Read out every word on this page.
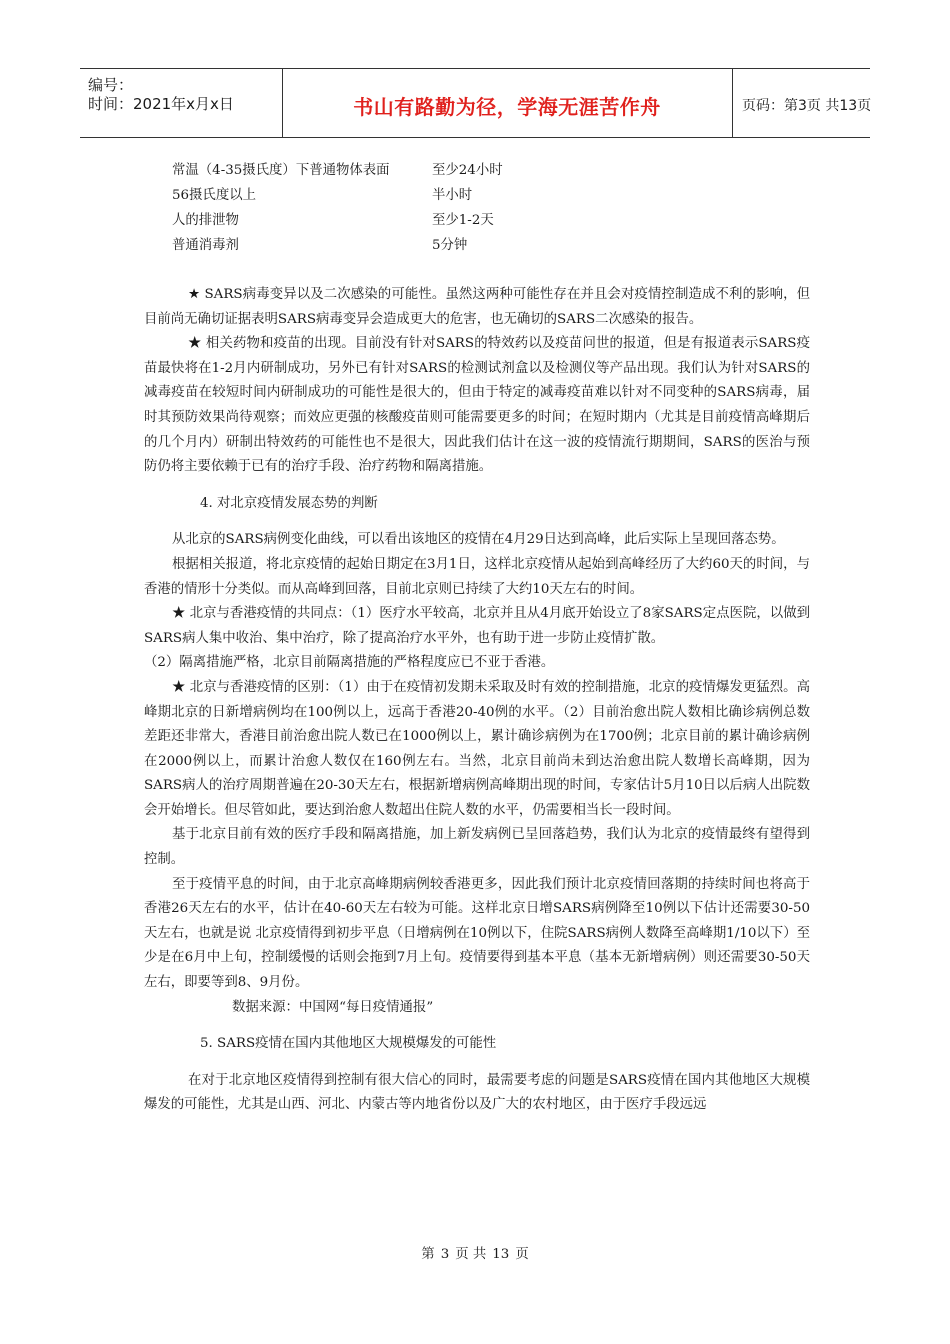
编号：
时间：2021年x月x日	书山有路勤为径，学海无涯苦作舟	页码：第3页 共13页
常温（4-35摄氏度）下普通物体表面	至少24小时
56摄氏度以上	半小时
人的排泄物	至少1-2天
普通消毒剂	5分钟

★ SARS病毒变异以及二次感染的可能性。虽然这两种可能性存在并且会对疫情控制造成不利的影响，但目前尚无确切证据表明SARS病毒变异会造成更大的危害，也无确切的SARS二次感染的报告。

★ 相关药物和疫苗的出现。目前没有针对SARS的特效药以及疫苗问世的报道，但是有报道表示SARS疫苗最快将在1-2月内研制成功，另外已有针对SARS的检测试剂盒以及检测仪等产品出现。我们认为针对SARS的减毒疫苗在较短时间内研制成功的可能性是很大的，但由于特定的减毒疫苗难以针对不同变种的SARS病毒，届时其预防效果尚待观察；而效应更强的核酸疫苗则可能需要更多的时间；在短时期内（尤其是目前疫情高峰期后的几个月内）研制出特效药的可能性也不是很大，因此我们估计在这一波的疫情流行期期间，SARS的医治与预防仍将主要依赖于已有的治疗手段、治疗药物和隔离措施。

4. 对北京疫情发展态势的判断

从北京的SARS病例变化曲线，可以看出该地区的疫情在4月29日达到高峰，此后实际上呈现回落态势。

根据相关报道，将北京疫情的起始日期定在3月1日，这样北京疫情从起始到高峰经历了大约60天的时间，与香港的情形十分类似。而从高峰到回落，目前北京则已持续了大约10天左右的时间。

★ 北京与香港疫情的共同点：（1）医疗水平较高，北京并且从4月底开始设立了8家SARS定点医院，以做到SARS病人集中收治、集中治疗，除了提高治疗水平外，也有助于进一步防止疫情扩散。

（2）隔离措施严格，北京目前隔离措施的严格程度应已不亚于香港。

★ 北京与香港疫情的区别：（1）由于在疫情初发期未采取及时有效的控制措施，北京的疫情爆发更猛烈。高峰期北京的日新增病例均在100例以上，远高于香港20-40例的水平。（2）目前治愈出院人数相比确诊病例总数差距还非常大，香港目前治愈出院人数已在1000例以上，累计确诊病例为在1700例；北京目前的累计确诊病例在2000例以上，而累计治愈人数仅在160例左右。当然，北京目前尚未到达治愈出院人数增长高峰期，因为SARS病人的治疗周期普遍在20-30天左右，根据新增病例高峰期出现的时间，专家估计5月10日以后病人出院数会开始增长。但尽管如此，要达到治愈人数超出住院人数的水平，仍需要相当长一段时间。

基于北京目前有效的医疗手段和隔离措施，加上新发病例已呈回落趋势，我们认为北京的疫情最终有望得到控制。

至于疫情平息的时间，由于北京高峰期病例较香港更多，因此我们预计北京疫情回落期的持续时间也将高于香港26天左右的水平，估计在40-60天左右较为可能。这样北京日增SARS病例降至10例以下估计还需要30-50天左右，也就是说 北京疫情得到初步平息（日增病例在10例以下，住院SARS病例人数降至高峰期1/10以下）至少是在6月中上旬，控制缓慢的话则会拖到7月上旬。疫情要得到基本平息（基本无新增病例）则还需要30-50天左右，即要等到8、9月份。

数据来源：中国网“每日疫情通报”
5. SARS疫情在国内其他地区大规模爆发的可能性

在对于北京地区疫情得到控制有很大信心的同时，最需要考虑的问题是SARS疫情在国内其他地区大规模爆发的可能性，尤其是山西、河北、内蒙古等内地省份以及广大的农村地区，由于医疗手段远远

第 3 页 共 13 页
